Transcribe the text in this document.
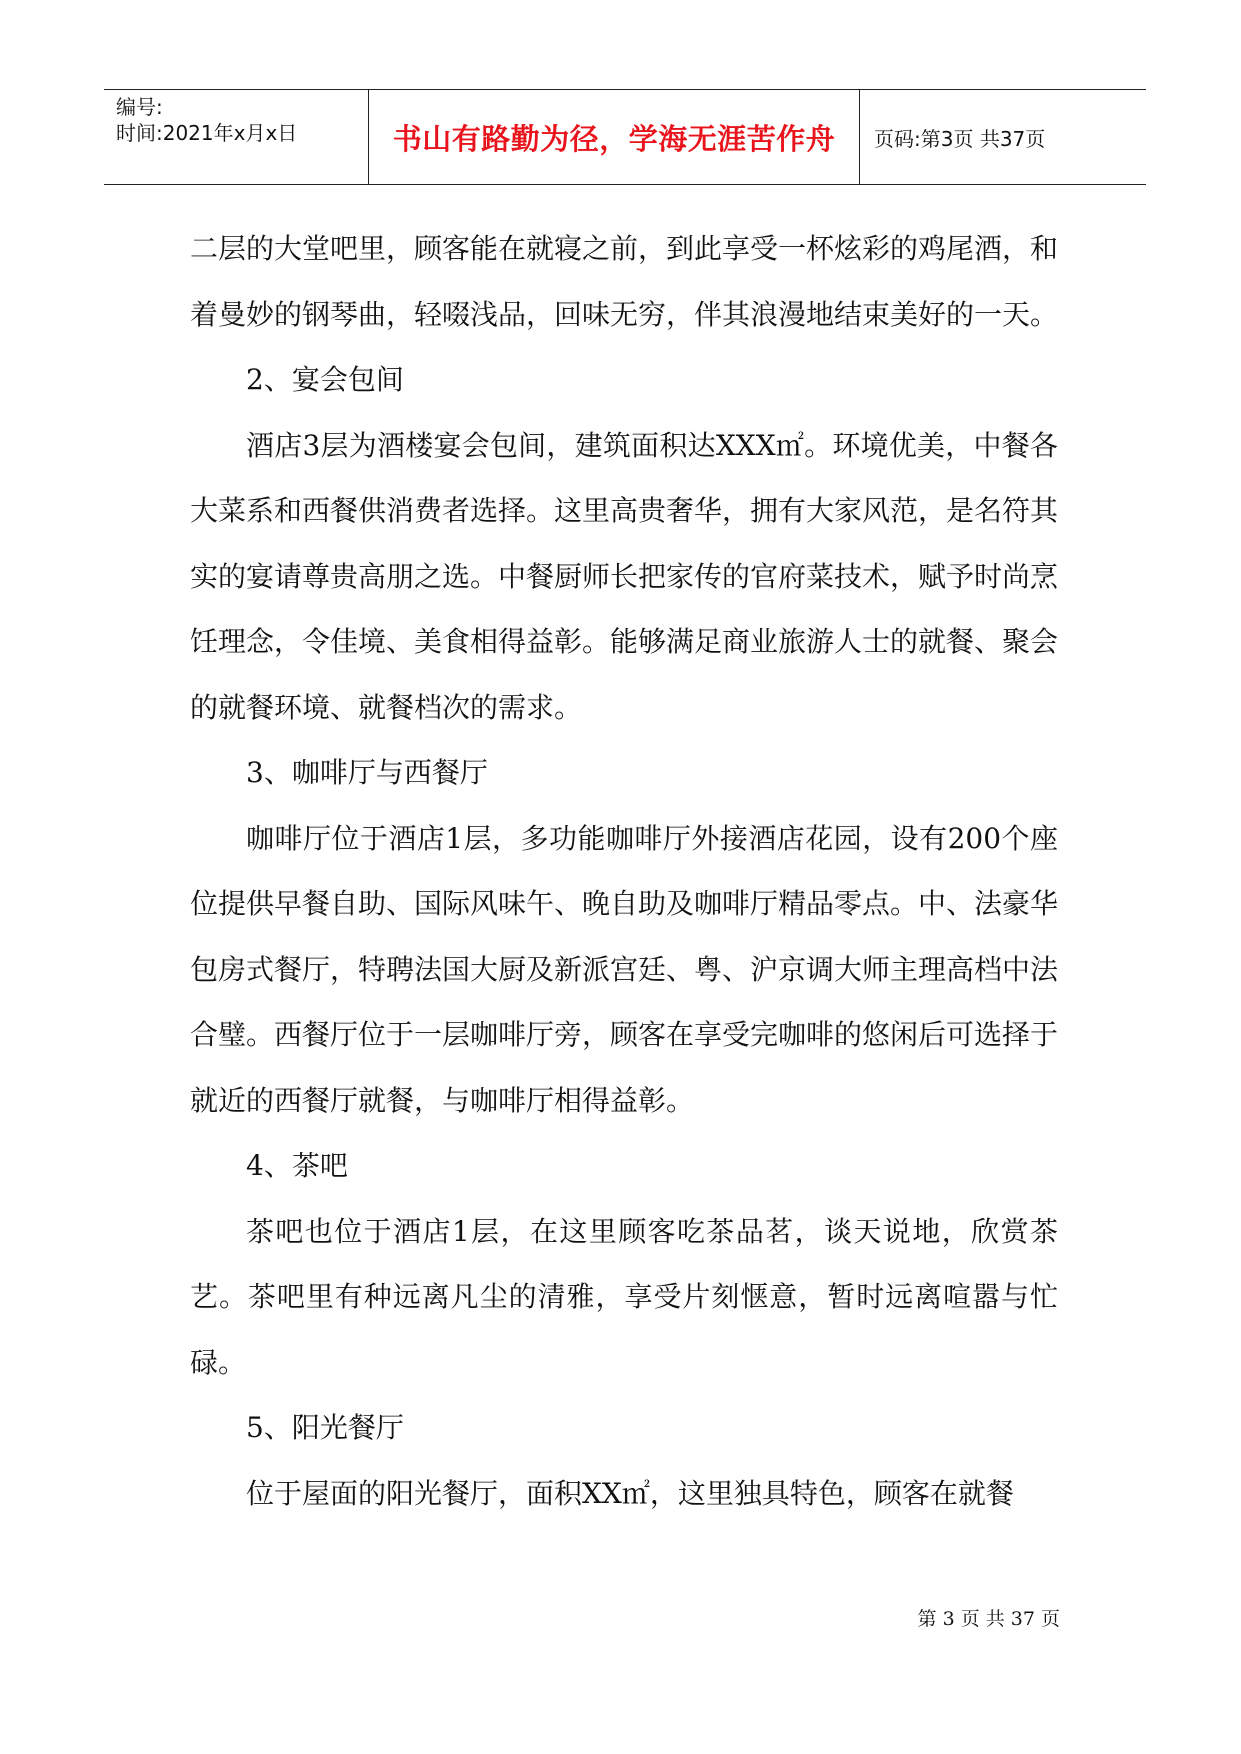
编号:
时间:2021年x月x日	书山有路勤为径，学海无涯苦作舟 页码:第3页 共37页

二层的大堂吧里，顾客能在就寝之前，到此享受一杯炫彩的鸡尾酒，和着曼妙的钢琴曲，轻啜浅品，回味无穷，伴其浪漫地结束美好的一天。

2、宴会包间

酒店3层为酒楼宴会包间，建筑面积达XXX㎡。环境优美，中餐各大菜系和西餐供消费者选择。这里高贵奢华，拥有大家风范，是名符其实的宴请尊贵高朋之选。中餐厨师长把家传的官府菜技术，赋予时尚烹饪理念，令佳境、美食相得益彰。能够满足商业旅游人士的就餐、聚会的就餐环境、就餐档次的需求。

3、咖啡厅与西餐厅

咖啡厅位于酒店1层，多功能咖啡厅外接酒店花园，设有200个座位提供早餐自助、国际风味午、晚自助及咖啡厅精品零点。中、法豪华包房式餐厅，特聘法国大厨及新派宫廷、粤、沪京调大师主理高档中法合璧。西餐厅位于一层咖啡厅旁，顾客在享受完咖啡的悠闲后可选择于就近的西餐厅就餐，与咖啡厅相得益彰。

4、茶吧

茶吧也位于酒店1层，在这里顾客吃茶品茗，谈天说地，欣赏茶艺。茶吧里有种远离凡尘的清雅，享受片刻惬意，暂时远离喧嚣与忙碌。

5、阳光餐厅

位于屋面的阳光餐厅，面积XX㎡，这里独具特色，顾客在就餐

第 3 页 共 37 页
